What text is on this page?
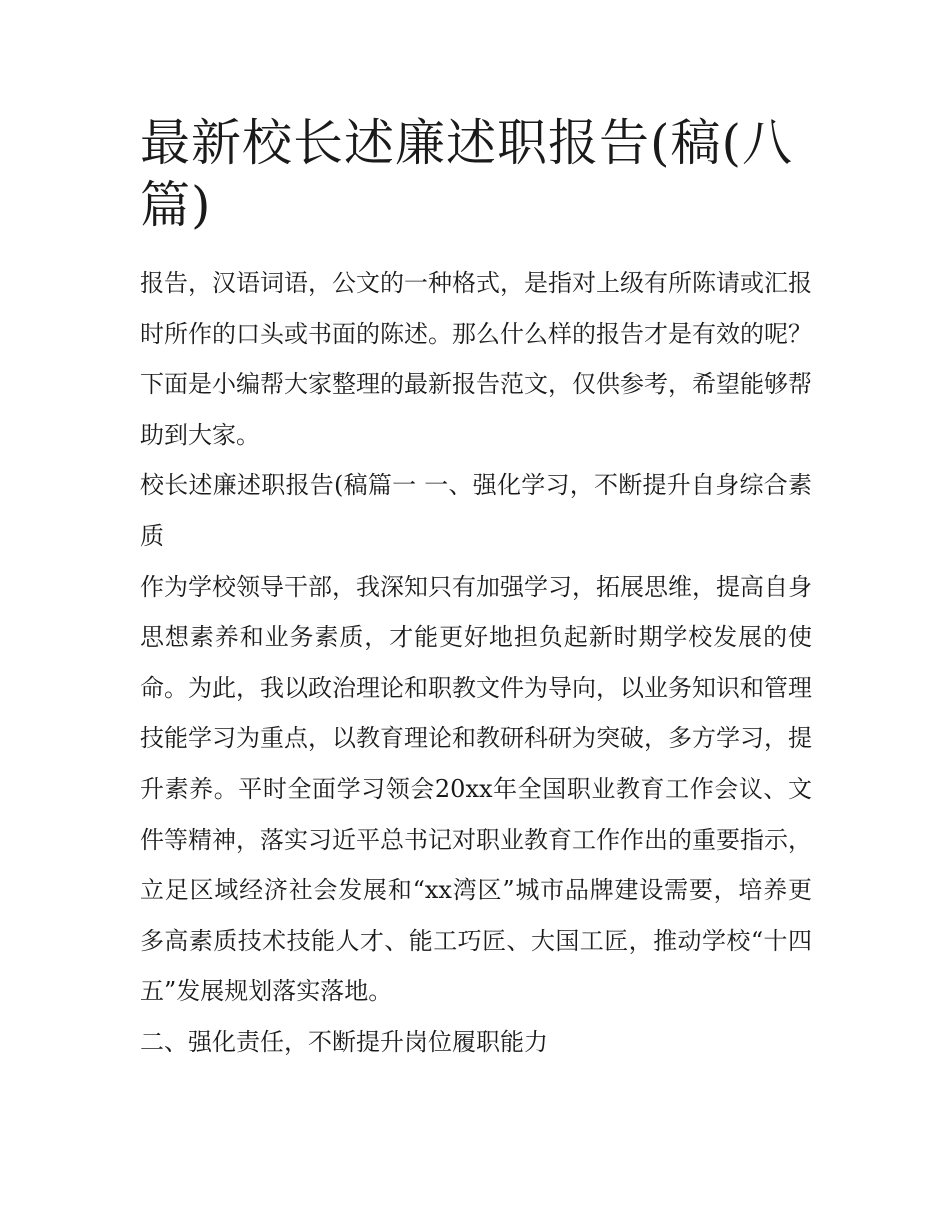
最新校长述廉述职报告(稿(八篇)

报告，汉语词语，公文的一种格式，是指对上级有所陈请或汇报时所作的口头或书面的陈述。那么什么样的报告才是有效的呢？下面是小编帮大家整理的最新报告范文，仅供参考，希望能够帮助到大家。

校长述廉述职报告(稿篇一 一、强化学习，不断提升自身综合素质

作为学校领导干部，我深知只有加强学习，拓展思维，提高自身思想素养和业务素质，才能更好地担负起新时期学校发展的使命。为此，我以政治理论和职教文件为导向，以业务知识和管理技能学习为重点，以教育理论和教研科研为突破，多方学习，提升素养。平时全面学习领会20xx年全国职业教育工作会议、文件等精神，落实习近平总书记对职业教育工作作出的重要指示，立足区域经济社会发展和“xx湾区”城市品牌建设需要，培养更多高素质技术技能人才、能工巧匠、大国工匠，推动学校“十四五”发展规划落实落地。

二、强化责任，不断提升岗位履职能力
